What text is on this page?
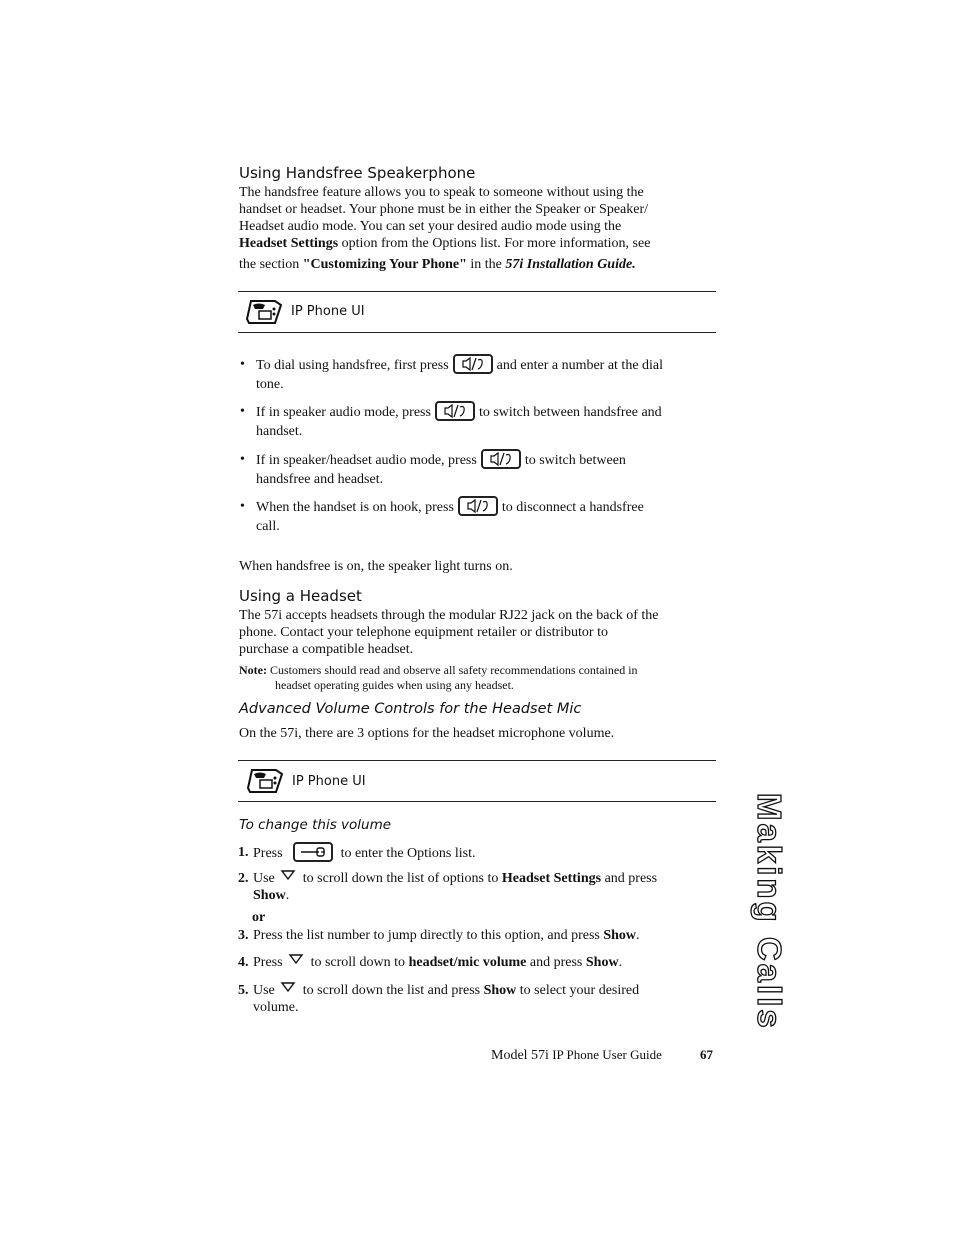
Using Handsfree Speakerphone
The handsfree feature allows you to speak to someone without using the
handset or headset. Your phone must be in either the Speaker or Speaker/
Headset audio mode. You can set your desired audio mode using the
Headset Settings option from the Options list. For more information, see
the section "Customizing Your Phone" in the 57i Installation Guide.
IP Phone UI
• To dial using handsfree, first press	and enter a number at the dial
tone.
• If in speaker audio mode, press	to switch between handsfree and
handset.
• If in speaker/headset audio mode, press	to switch between
handsfree and headset.
• When the handset is on hook, press	to disconnect a handsfree
call.
When handsfree is on, the speaker light turns on.
Using a Headset
The 57i accepts headsets through the modular RJ22 jack on the back of the
phone. Contact your telephone equipment retailer or distributor to
purchase a compatible headset.
Note: Customers should read and observe all safety recommendations contained in
headset operating guides when using any headset.
Advanced Volume Controls for the Headset Mic
On the 57i, there are 3 options for the headset microphone volume.
IP Phone UI
To change this volume
1. Press	to enter the Options list.
2. Use to scroll down the list of options to Headset Settings and press
Show.
or
3. Press the list number to jump directly to this option, and press Show.
4. Press to scroll down to headset/mic volume and press Show.
5. Use to scroll down the list and press Show to select your desired
volume.	Making Calls
Model 57i IP Phone User Guide	67
